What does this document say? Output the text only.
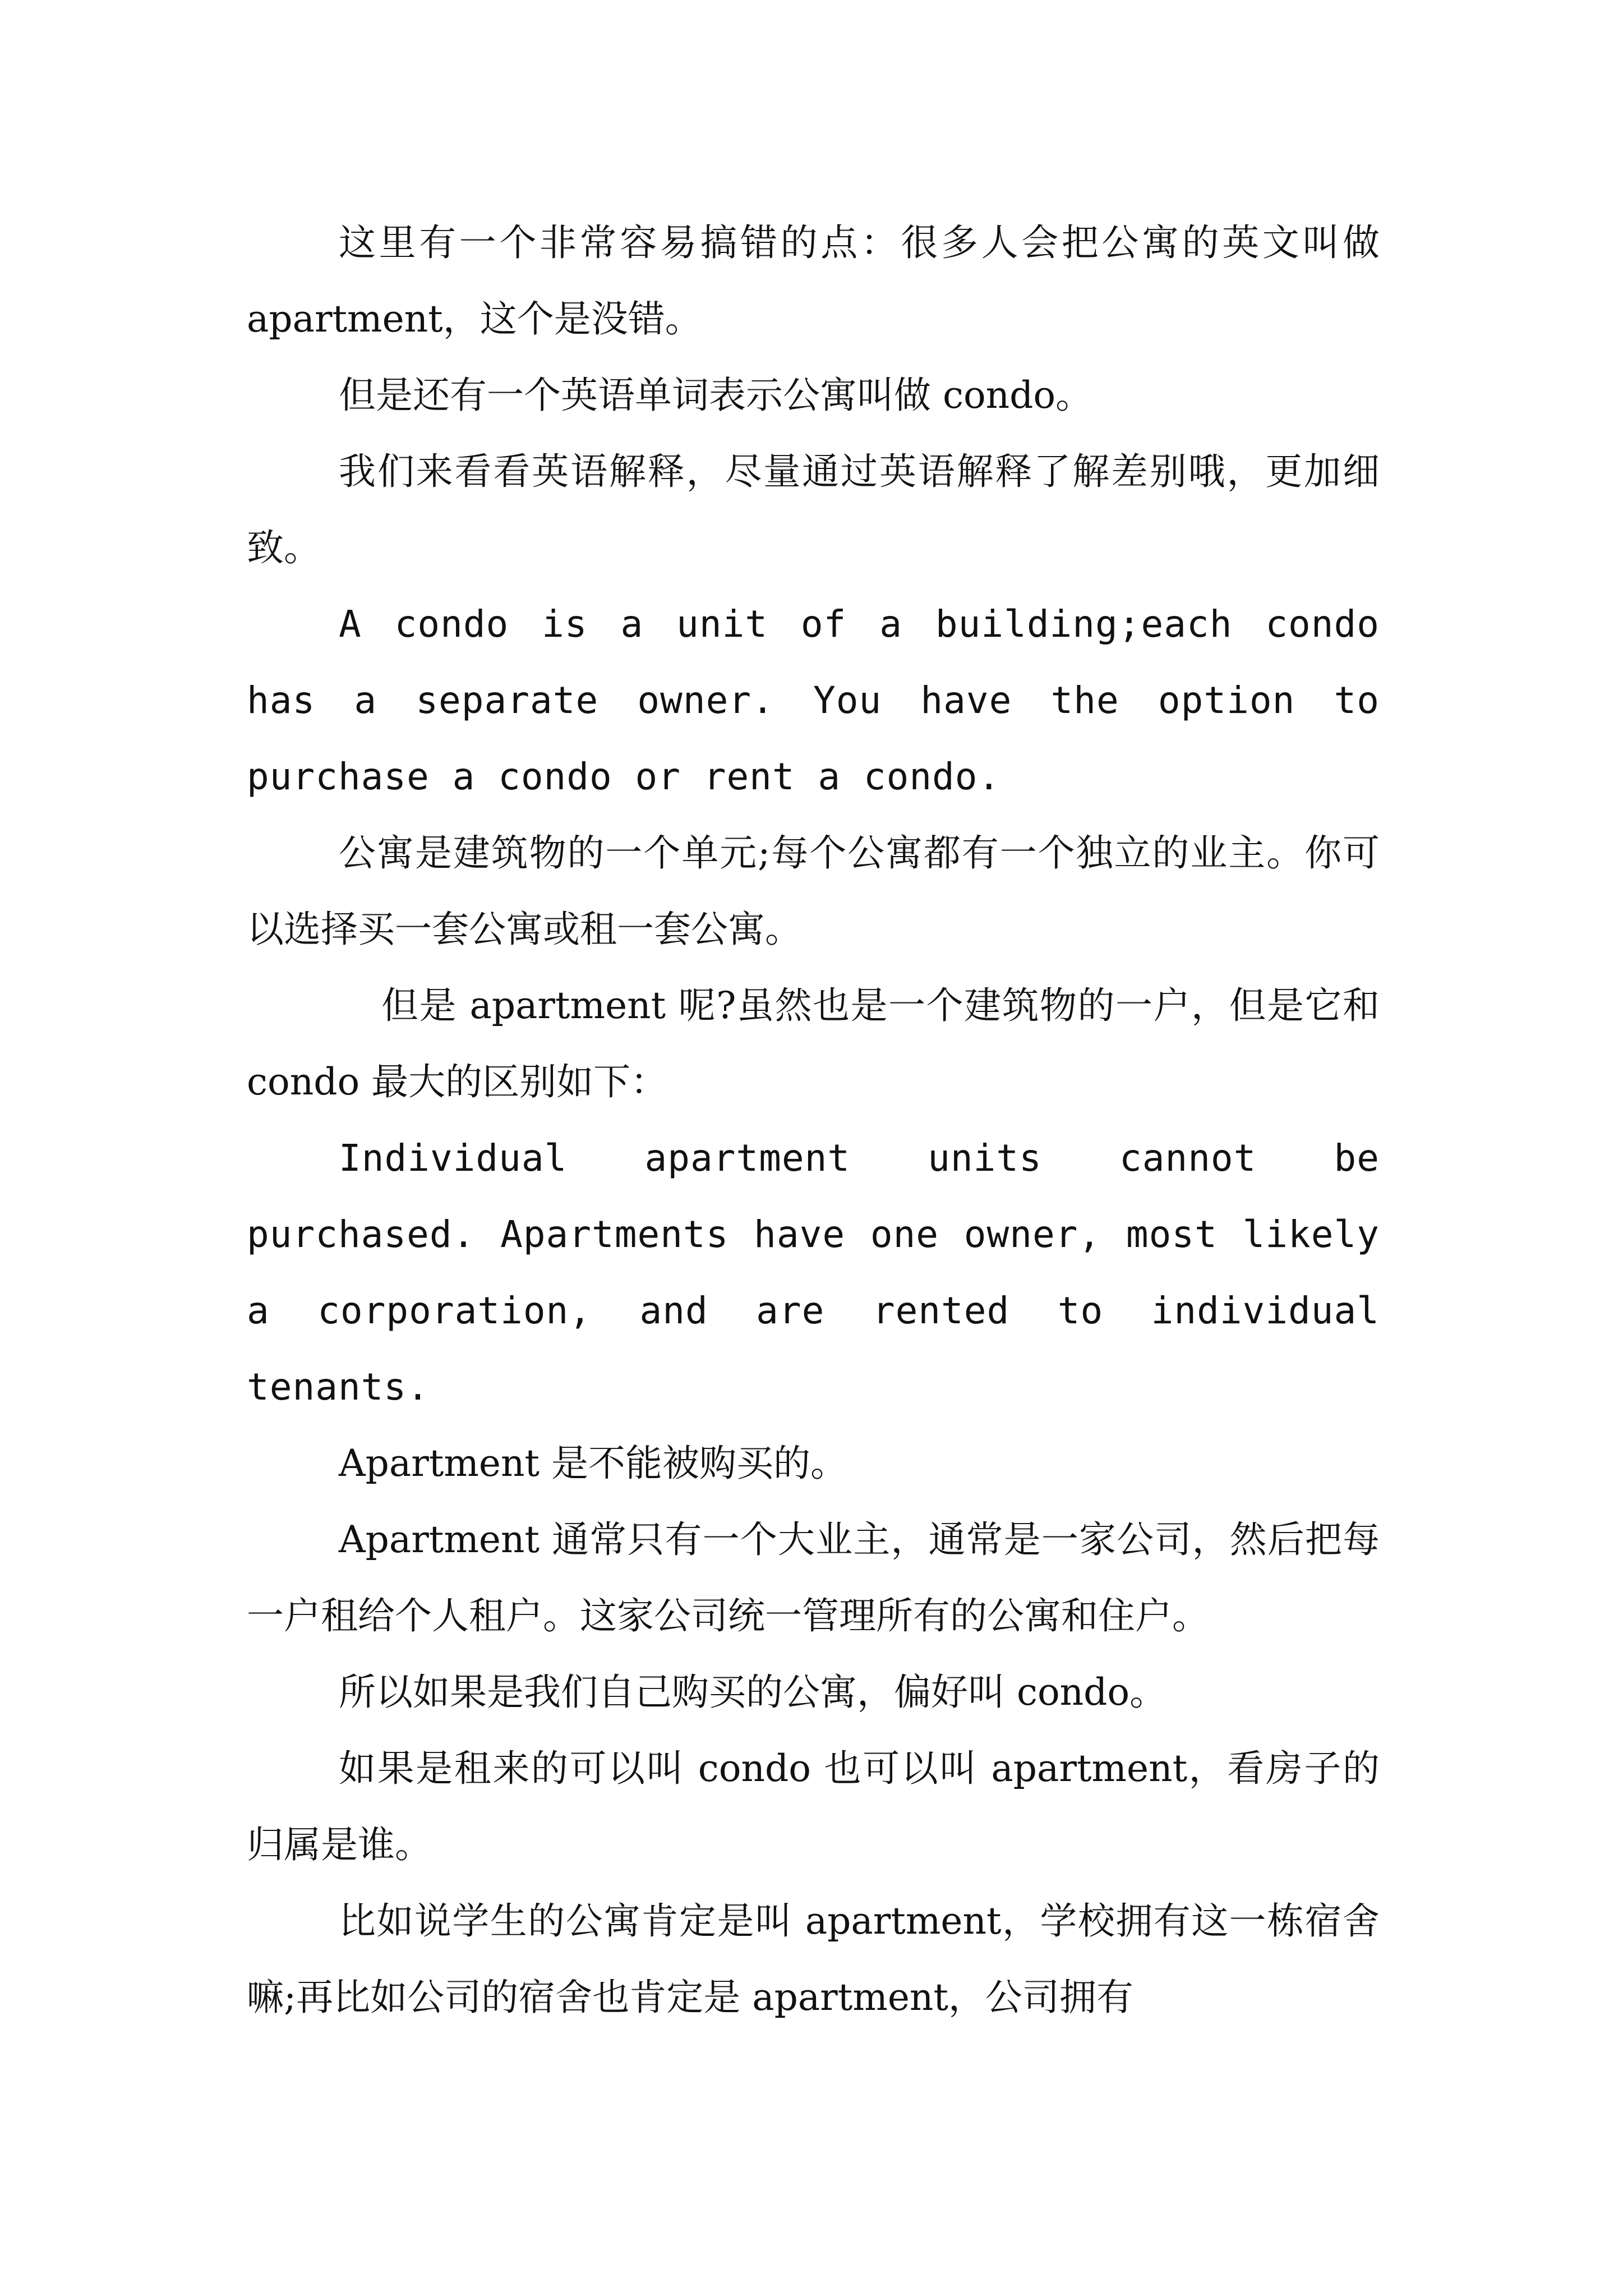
这里有一个非常容易搞错的点：很多人会把公寓的英文叫做 apartment，这个是没错。

但是还有一个英语单词表示公寓叫做 condo。

我们来看看英语解释，尽量通过英语解释了解差别哦，更加细致。

A condo is a unit of a building;each condo has a separate owner. You have the option to purchase a condo or rent a condo.

公寓是建筑物的一个单元;每个公寓都有一个独立的业主。你可以选择买一套公寓或租一套公寓。

但是 apartment 呢?虽然也是一个建筑物的一户，但是它和 condo 最大的区别如下：

Individual apartment units cannot be purchased. Apartments have one owner, most likely a corporation, and are rented to individual tenants.

Apartment 是不能被购买的。

Apartment 通常只有一个大业主，通常是一家公司，然后把每一户租给个人租户。这家公司统一管理所有的公寓和住户。

所以如果是我们自己购买的公寓，偏好叫 condo。

如果是租来的可以叫 condo 也可以叫 apartment，看房子的归属是谁。

比如说学生的公寓肯定是叫 apartment，学校拥有这一栋宿舍嘛;再比如公司的宿舍也肯定是 apartment，公司拥有
